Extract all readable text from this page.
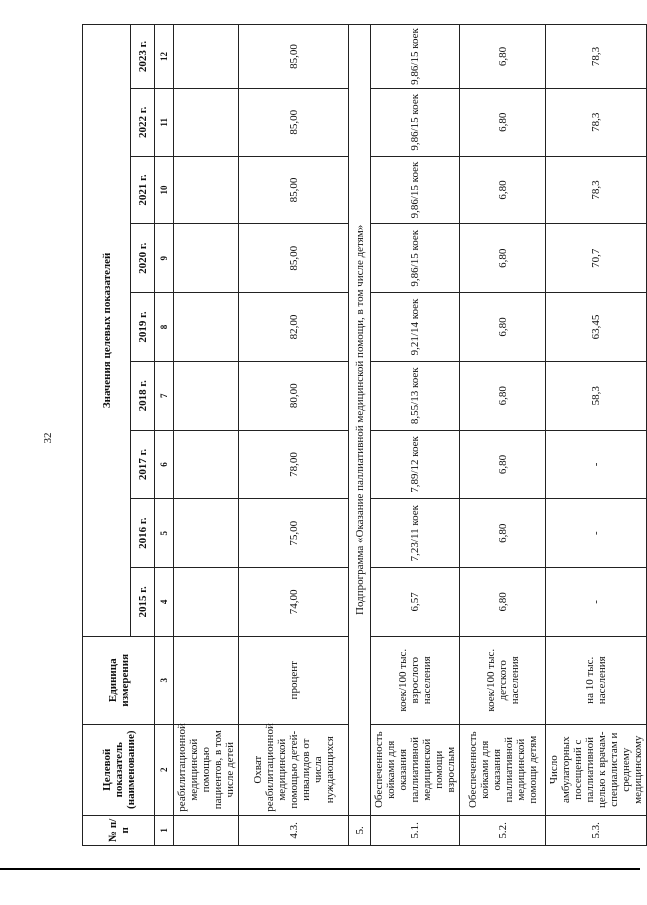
32
№ п/п	Целевой показатель (наименование)	Единица измерения	Значения целевых показателей								
			2015 г.	2016 г.	2017 г.	2018 г.	2019 г.	2020 г.	2021 г.	2022 г.	2023 г.
1	2	3	4	5	6	7	8	9	10	11	12
	реабилитационной медицинской помощью пациентов, в том числе детей										
4.3.	Охват реабилитационной медицинской помощью детей-инвалидов от числа нуждающихся	процент	74,00	75,00	78,00	80,00	82,00	85,00	85,00	85,00	85,00
5.	Подпрограмма «Оказание паллиативной медицинской помощи, в том числе детям»										
5.1.	Обеспеченность койками для оказания паллиативной медицинской помощи взрослым	коек/100 тыс. взрослого населения	6,57	7,23/11 коек	7,89/12 коек	8,55/13 коек	9,21/14 коек	9,86/15 коек	9,86/15 коек	9,86/15 коек	9,86/15 коек
5.2.	Обеспеченность койками для оказания паллиативной медицинской помощи детям	коек/100 тыс. детского населения	6,80	6,80	6,80	6,80	6,80	6,80	6,80	6,80	6,80
5.3.	Число амбулаторных посещений с паллиативной целью к врачам-специалистам и среднему медицинскому	на 10 тыс. населения	-	-	-	58,3	63,45	70,7	78,3	78,3	78,3
